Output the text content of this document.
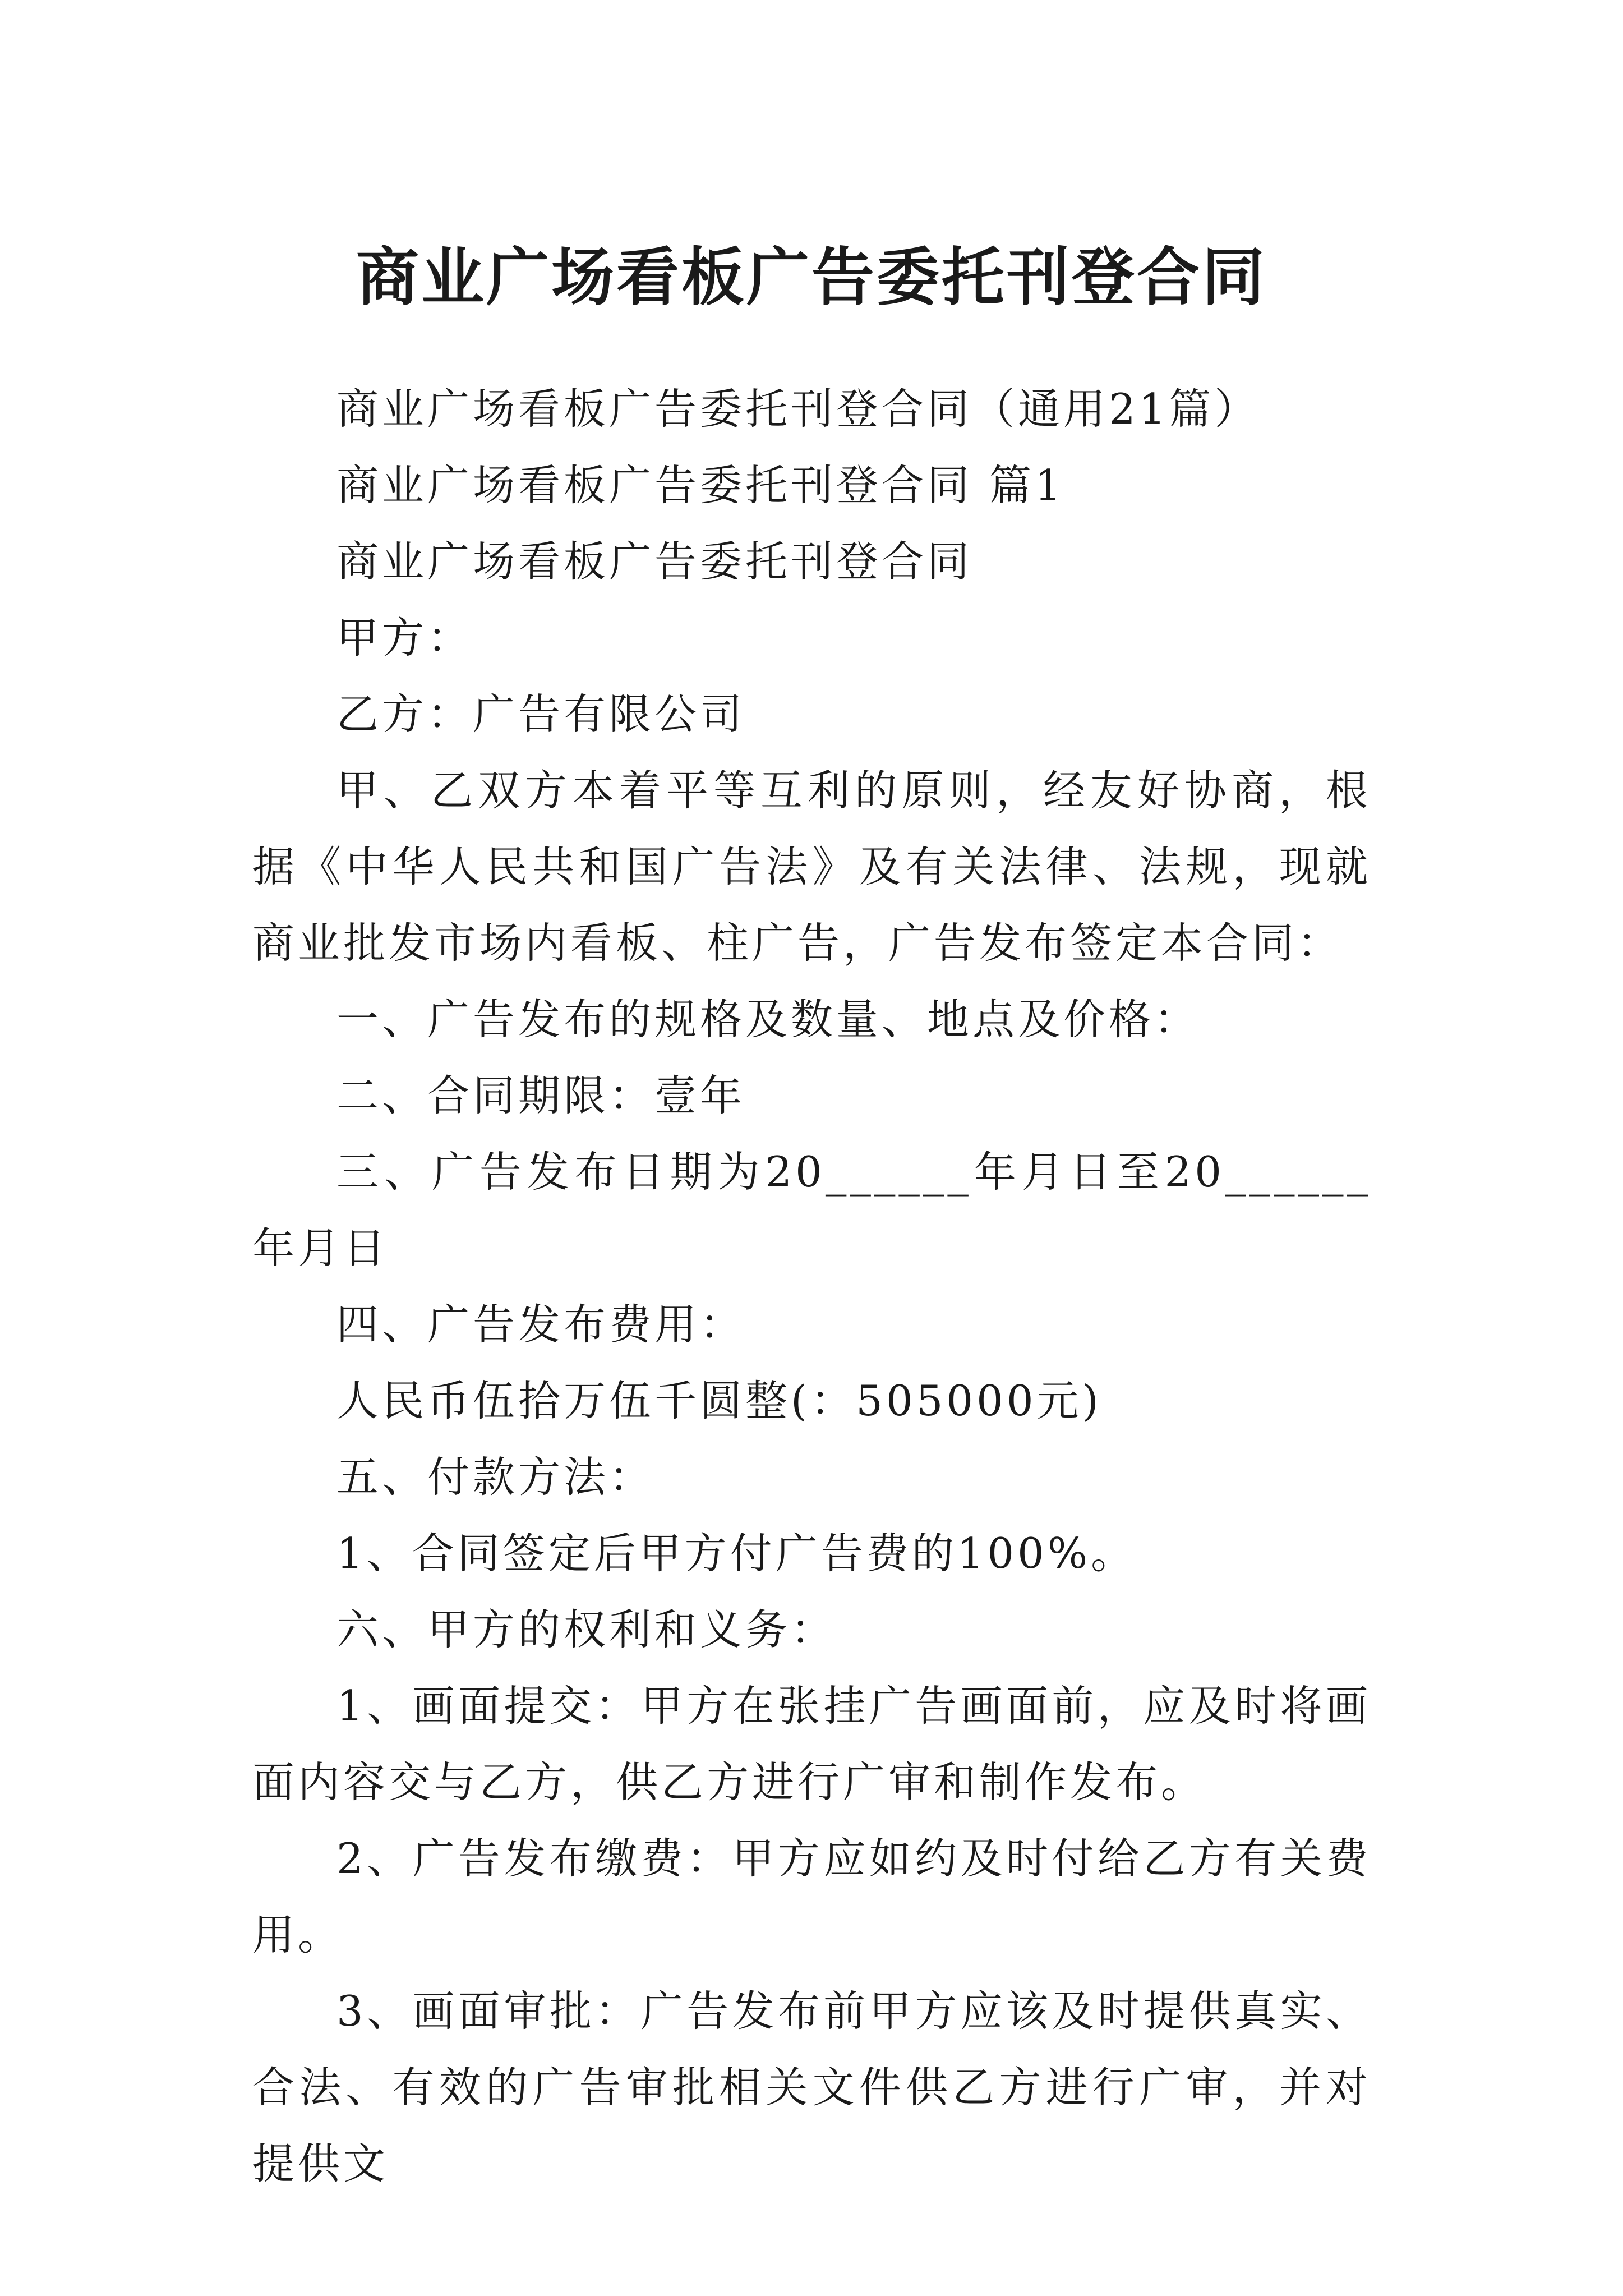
商业广场看板广告委托刊登合同

商业广场看板广告委托刊登合同（通用21篇）

商业广场看板广告委托刊登合同 篇1

商业广场看板广告委托刊登合同

甲方：

乙方：广告有限公司

甲、乙双方本着平等互利的原则，经友好协商，根据《中华人民共和国广告法》及有关法律、法规，现就商业批发市场内看板、柱广告，广告发布签定本合同：

一、广告发布的规格及数量、地点及价格：

二、合同期限：壹年

三、广告发布日期为20______年月日至20______年月日

四、广告发布费用：

人民币伍拾万伍千圆整(：505000元)

五、付款方法：

1、合同签定后甲方付广告费的100%。

六、甲方的权利和义务：

1、画面提交：甲方在张挂广告画面前，应及时将画面内容交与乙方，供乙方进行广审和制作发布。

2、广告发布缴费：甲方应如约及时付给乙方有关费用。

3、画面审批：广告发布前甲方应该及时提供真实、合法、有效的广告审批相关文件供乙方进行广审，并对提供文
